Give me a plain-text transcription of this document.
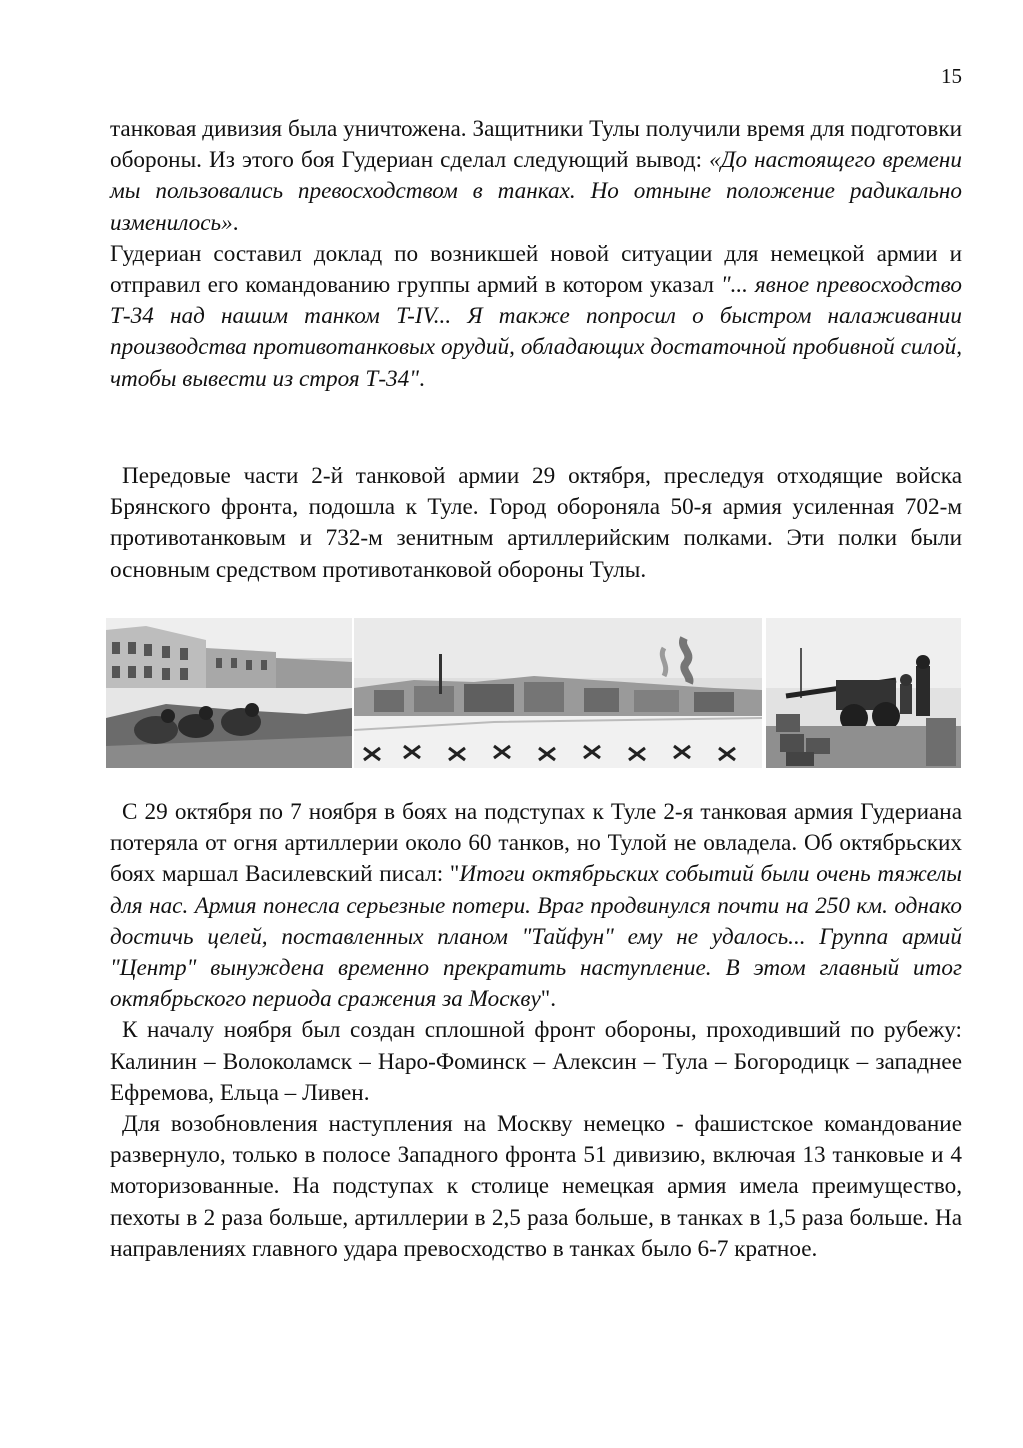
15

танковая дивизия была уничтожена. Защитники Тулы получили время для подготовки обороны. Из этого боя Гудериан сделал следующий вывод: «До настоящего времени мы пользовались превосходством в танках. Но отныне положение радикально изменилось».

Гудериан составил доклад по возникшей новой ситуации для немецкой армии и отправил его командованию группы армий в котором указал "... явное превосходство Т-34 над нашим танком T-IV... Я также попросил о быстром налаживании производства противотанковых орудий, обладающих достаточной пробивной силой, чтобы вывести из строя Т-34".

Передовые части 2-й танковой армии 29 октября, преследуя отходящие войска Брянского фронта, подошла к Туле. Город обороняла 50-я армия усиленная 702-м противотанковым и 732-м зенитным артиллерийским полками. Эти полки были основным средством противотанковой обороны Тулы.

С 29 октября по 7 ноября в боях на подступах к Туле 2-я танковая армия Гудериана потеряла от огня артиллерии около 60 танков, но Тулой не овладела. Об октябрьских боях маршал Василевский писал: "Итоги октябрьских событий были очень тяжелы для нас. Армия понесла серьезные потери. Враг продвинулся почти на 250 км. однако достичь целей, поставленных планом "Тайфун" ему не удалось... Группа армий "Центр" вынуждена временно прекратить наступление. В этом главный итог октябрьского периода сражения за Москву".

К началу ноября был создан сплошной фронт обороны, проходивший по рубежу: Калинин – Волоколамск – Наро-Фоминск – Алексин – Тула – Богородицк – западнее Ефремова, Ельца – Ливен.

Для возобновления наступления на Москву немецко - фашистское командование развернуло, только в полосе Западного фронта 51 дивизию, включая 13 танковые и 4 моторизованные. На подступах к столице немецкая армия имела преимущество, пехоты в 2 раза больше, артиллерии в 2,5 раза больше, в танках в 1,5 раза больше. На направлениях главного удара превосходство в танках было 6-7 кратное.
